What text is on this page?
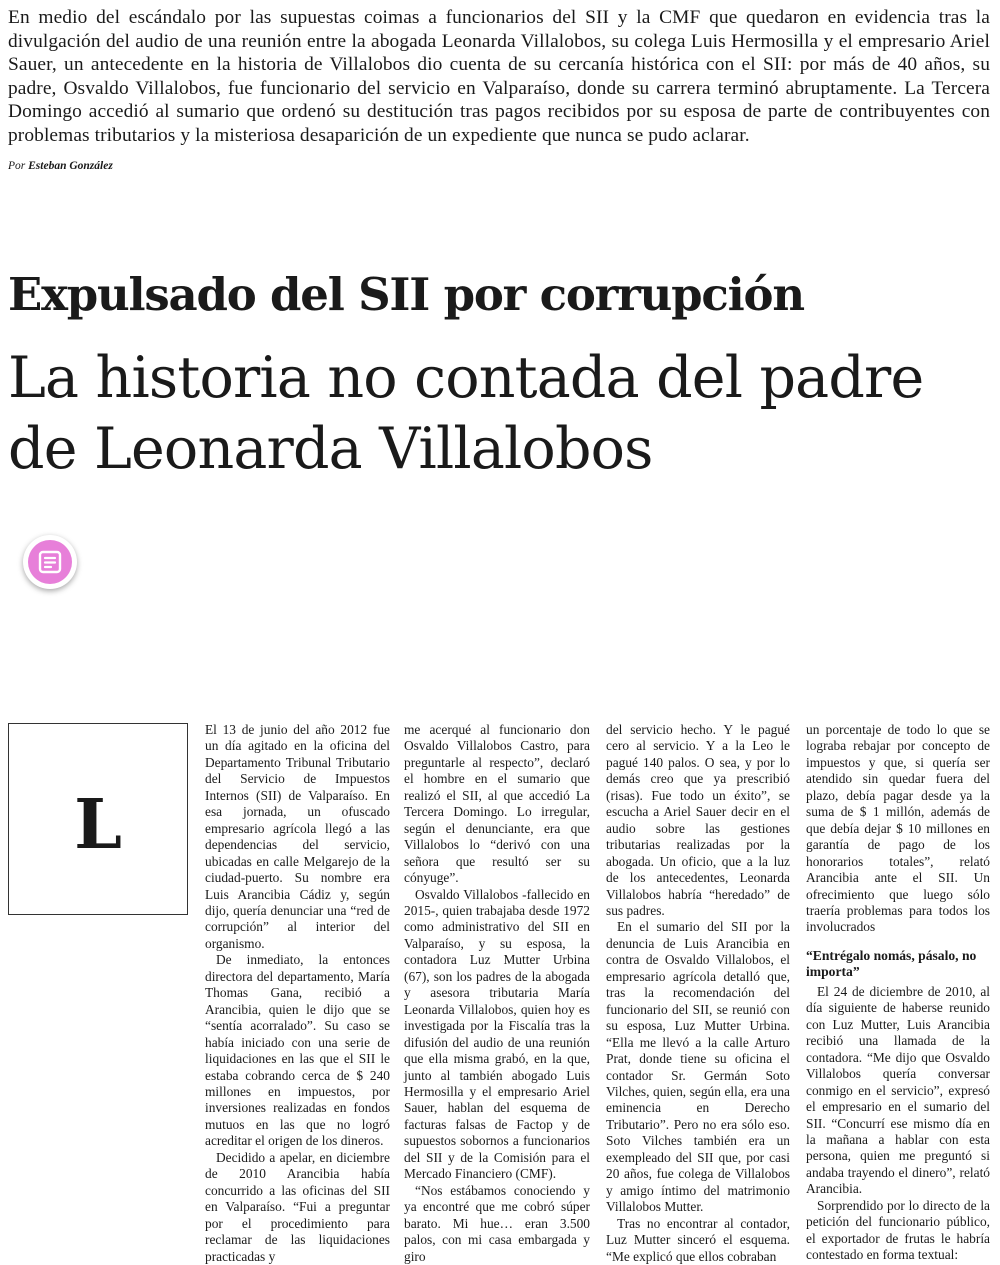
En medio del escándalo por las supuestas coimas a funcionarios del SII y la CMF que quedaron en evidencia tras la divulgación del audio de una reunión entre la abogada Leonarda Villalobos, su colega Luis Hermosilla y el empresario Ariel Sauer, un antecedente en la historia de Villalobos dio cuenta de su cercanía histórica con el SII: por más de 40 años, su padre, Osvaldo Villalobos, fue funcionario del servicio en Valparaíso, donde su carrera terminó abruptamente. La Tercera Domingo accedió al sumario que ordenó su destitución tras pagos recibidos por su esposa de parte de contribuyentes con problemas tributarios y la misteriosa desaparición de un expediente que nunca se pudo aclarar.

Por Esteban González
Expulsado del SII por corrupción
La historia no contada del padre de Leonarda Villalobos
L

El 13 de junio del año 2012 fue un día agitado en la oficina del Departamento Tribunal Tributario del Servicio de Impuestos Internos (SII) de Valparaíso. En esa jornada, un ofuscado empresario agrícola llegó a las dependencias del servicio, ubicadas en calle Melgarejo de la ciudad-puerto. Su nombre era Luis Arancibia Cádiz y, según dijo, quería denunciar una “red de corrupción” al interior del organismo.

De inmediato, la entonces directora del departamento, María Thomas Gana, recibió a Arancibia, quien le dijo que se “sentía acorralado”. Su caso se había iniciado con una serie de liquidaciones en las que el SII le estaba cobrando cerca de $ 240 millones en impuestos, por inversiones realizadas en fondos mutuos en las que no logró acreditar el origen de los dineros.

Decidido a apelar, en diciembre de 2010 Arancibia había concurrido a las oficinas del SII en Valparaíso. “Fui a preguntar por el procedimiento para reclamar de las liquidaciones practicadas y

me acerqué al funcionario don Osvaldo Villalobos Castro, para preguntarle al respecto”, declaró el hombre en el sumario que realizó el SII, al que accedió La Tercera Domingo. Lo irregular, según el denunciante, era que Villalobos lo “derivó con una señora que resultó ser su cónyuge”.

Osvaldo Villalobos -fallecido en 2015-, quien trabajaba desde 1972 como administrativo del SII en Valparaíso, y su esposa, la contadora Luz Mutter Urbina (67), son los padres de la abogada y asesora tributaria María Leonarda Villalobos, quien hoy es investigada por la Fiscalía tras la difusión del audio de una reunión que ella misma grabó, en la que, junto al también abogado Luis Hermosilla y el empresario Ariel Sauer, hablan del esquema de facturas falsas de Factop y de supuestos sobornos a funcionarios del SII y de la Comisión para el Mercado Financiero (CMF).

“Nos estábamos conociendo y ya encontré que me cobró súper barato. Mi hue… eran 3.500 palos, con mi casa embargada y giro

del servicio hecho. Y le pagué cero al servicio. Y a la Leo le pagué 140 palos. O sea, y por lo demás creo que ya prescribió (risas). Fue todo un éxito”, se escucha a Ariel Sauer decir en el audio sobre las gestiones tributarias realizadas por la abogada. Un oficio, que a la luz de los antecedentes, Leonarda Villalobos habría “heredado” de sus padres.

En el sumario del SII por la denuncia de Luis Arancibia en contra de Osvaldo Villalobos, el empresario agrícola detalló que, tras la recomendación del funcionario del SII, se reunió con su esposa, Luz Mutter Urbina. “Ella me llevó a la calle Arturo Prat, donde tiene su oficina el contador Sr. Germán Soto Vilches, quien, según ella, era una eminencia en Derecho Tributario”. Pero no era sólo eso. Soto Vilches también era un exempleado del SII que, por casi 20 años, fue colega de Villalobos y amigo íntimo del matrimonio Villalobos Mutter.

Tras no encontrar al contador, Luz Mutter sinceró el esquema. “Me explicó que ellos cobraban

un porcentaje de todo lo que se lograba rebajar por concepto de impuestos y que, si quería ser atendido sin quedar fuera del plazo, debía pagar desde ya la suma de $ 1 millón, además de que debía dejar $ 10 millones en garantía de pago de los honorarios totales”, relató Arancibia ante el SII. Un ofrecimiento que luego sólo traería problemas para todos los involucrados

“Entrégalo nomás, pásalo, no importa”

El 24 de diciembre de 2010, al día siguiente de haberse reunido con Luz Mutter, Luis Arancibia recibió una llamada de la contadora. “Me dijo que Osvaldo Villalobos quería conversar conmigo en el servicio”, expresó el empresario en el sumario del SII. “Concurrí ese mismo día en la mañana a hablar con esta persona, quien me preguntó si andaba trayendo el dinero”, relató Arancibia.

Sorprendido por lo directo de la petición del funcionario público, el exportador de frutas le habría contestado en forma textual:
